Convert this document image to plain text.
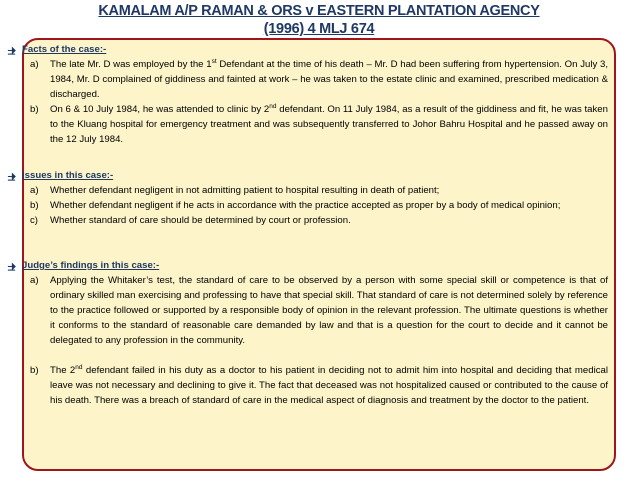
KAMALAM A/P RAMAN & ORS v EASTERN PLANTATION AGENCY
(1996) 4 MLJ 674
Facts of the case:-
a) The late Mr. D was employed by the 1st Defendant at the time of his death – Mr. D had been suffering from hypertension. On July 3, 1984, Mr. D complained of giddiness and fainted at work – he was taken to the estate clinic and examined, prescribed medication & discharged.
b) On 6 & 10 July 1984, he was attended to clinic by 2nd defendant. On 11 July 1984, as a result of the giddiness and fit, he was taken to the Kluang hospital for emergency treatment and was subsequently transferred to Johor Bahru Hospital and he passed away on the 12 July 1984.
Issues in this case:-
a) Whether defendant negligent in not admitting patient to hospital resulting in death of patient;
b) Whether defendant negligent if he acts in accordance with the practice accepted as proper by a body of medical opinion;
c) Whether standard of care should be determined by court or profession.
Judge’s findings in this case:-
a) Applying the Whitaker’s test, the standard of care to be observed by a person with some special skill or competence is that of ordinary skilled man exercising and professing to have that special skill. That standard of care is not determined solely by reference to the practice followed or supported by a responsible body of opinion in the relevant profession. The ultimate questions is whether it conforms to the standard of reasonable care demanded by law and that is a question for the court to decide and it cannot be delegated to any profession in the community.
b) The 2nd defendant failed in his duty as a doctor to his patient in deciding not to admit him into hospital and deciding that medical leave was not necessary and declining to give it. The fact that deceased was not hospitalized caused or contributed to the cause of his death. There was a breach of standard of care in the medical aspect of diagnosis and treatment by the doctor to the patient.
